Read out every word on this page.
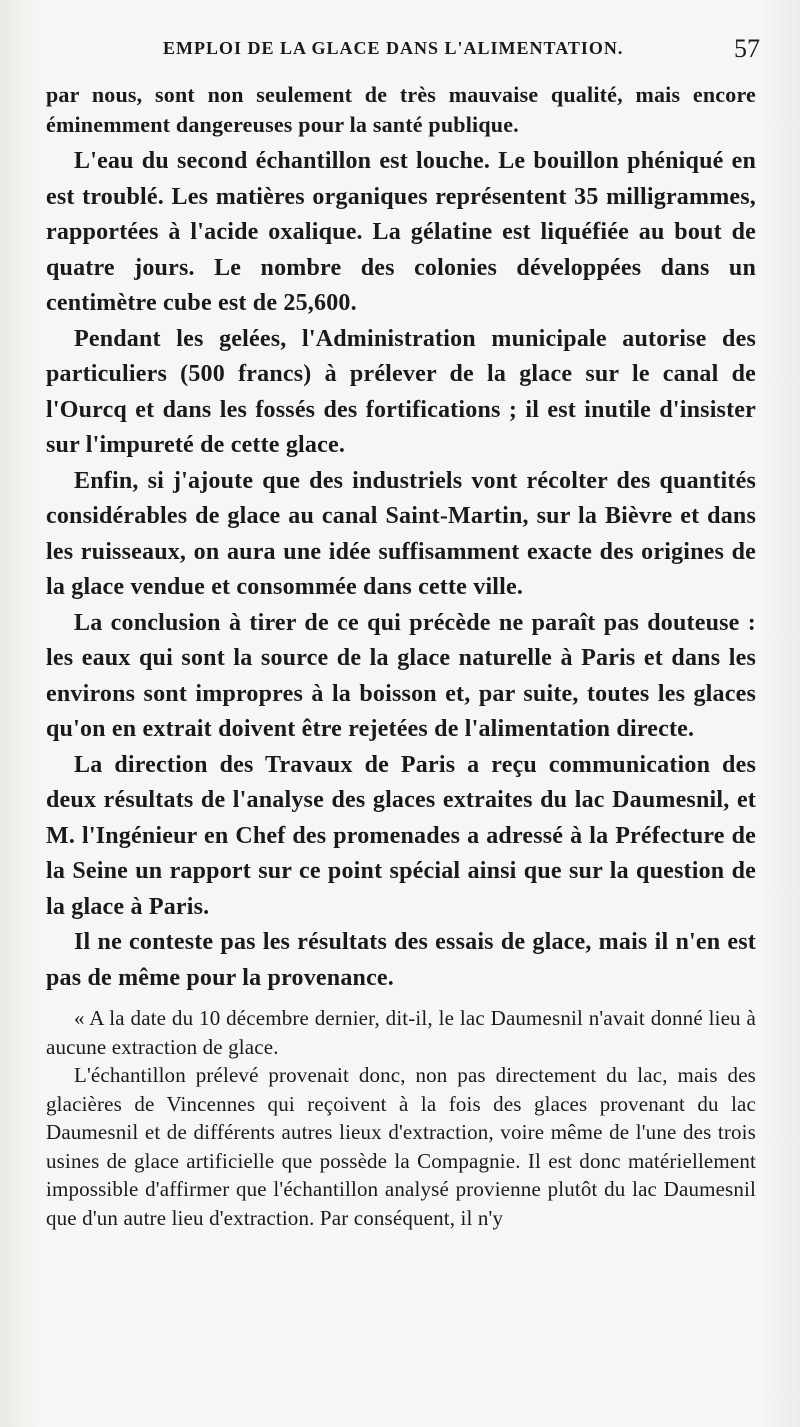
EMPLOI DE LA GLACE DANS L'ALIMENTATION.	57

par nous, sont non seulement de très mauvaise qualité, mais encore éminemment dangereuses pour la santé publique.

L'eau du second échantillon est louche. Le bouillon phéniqué en est troublé. Les matières organiques représentent 35 milligrammes, rapportées à l'acide oxalique. La gélatine est liquéfiée au bout de quatre jours. Le nombre des colonies développées dans un centimètre cube est de 25,600.

Pendant les gelées, l'Administration municipale autorise des particuliers (500 francs) à prélever de la glace sur le canal de l'Ourcq et dans les fossés des fortifications ; il est inutile d'insister sur l'impureté de cette glace.

Enfin, si j'ajoute que des industriels vont récolter des quantités considérables de glace au canal Saint-Martin, sur la Bièvre et dans les ruisseaux, on aura une idée suffisamment exacte des origines de la glace vendue et consommée dans cette ville.

La conclusion à tirer de ce qui précède ne paraît pas douteuse : les eaux qui sont la source de la glace naturelle à Paris et dans les environs sont impropres à la boisson et, par suite, toutes les glaces qu'on en extrait doivent être rejetées de l'alimentation directe.

La direction des Travaux de Paris a reçu communication des deux résultats de l'analyse des glaces extraites du lac Daumesnil, et M. l'Ingénieur en Chef des promenades a adressé à la Préfecture de la Seine un rapport sur ce point spécial ainsi que sur la question de la glace à Paris.

Il ne conteste pas les résultats des essais de glace, mais il n'en est pas de même pour la provenance.

« A la date du 10 décembre dernier, dit-il, le lac Daumesnil n'avait donné lieu à aucune extraction de glace.

L'échantillon prélevé provenait donc, non pas directement du lac, mais des glacières de Vincennes qui reçoivent à la fois des glaces provenant du lac Daumesnil et de différents autres lieux d'extraction, voire même de l'une des trois usines de glace artificielle que possède la Compagnie. Il est donc matériellement impossible d'affirmer que l'échantillon analysé provienne plutôt du lac Daumesnil que d'un autre lieu d'extraction. Par conséquent, il n'y
